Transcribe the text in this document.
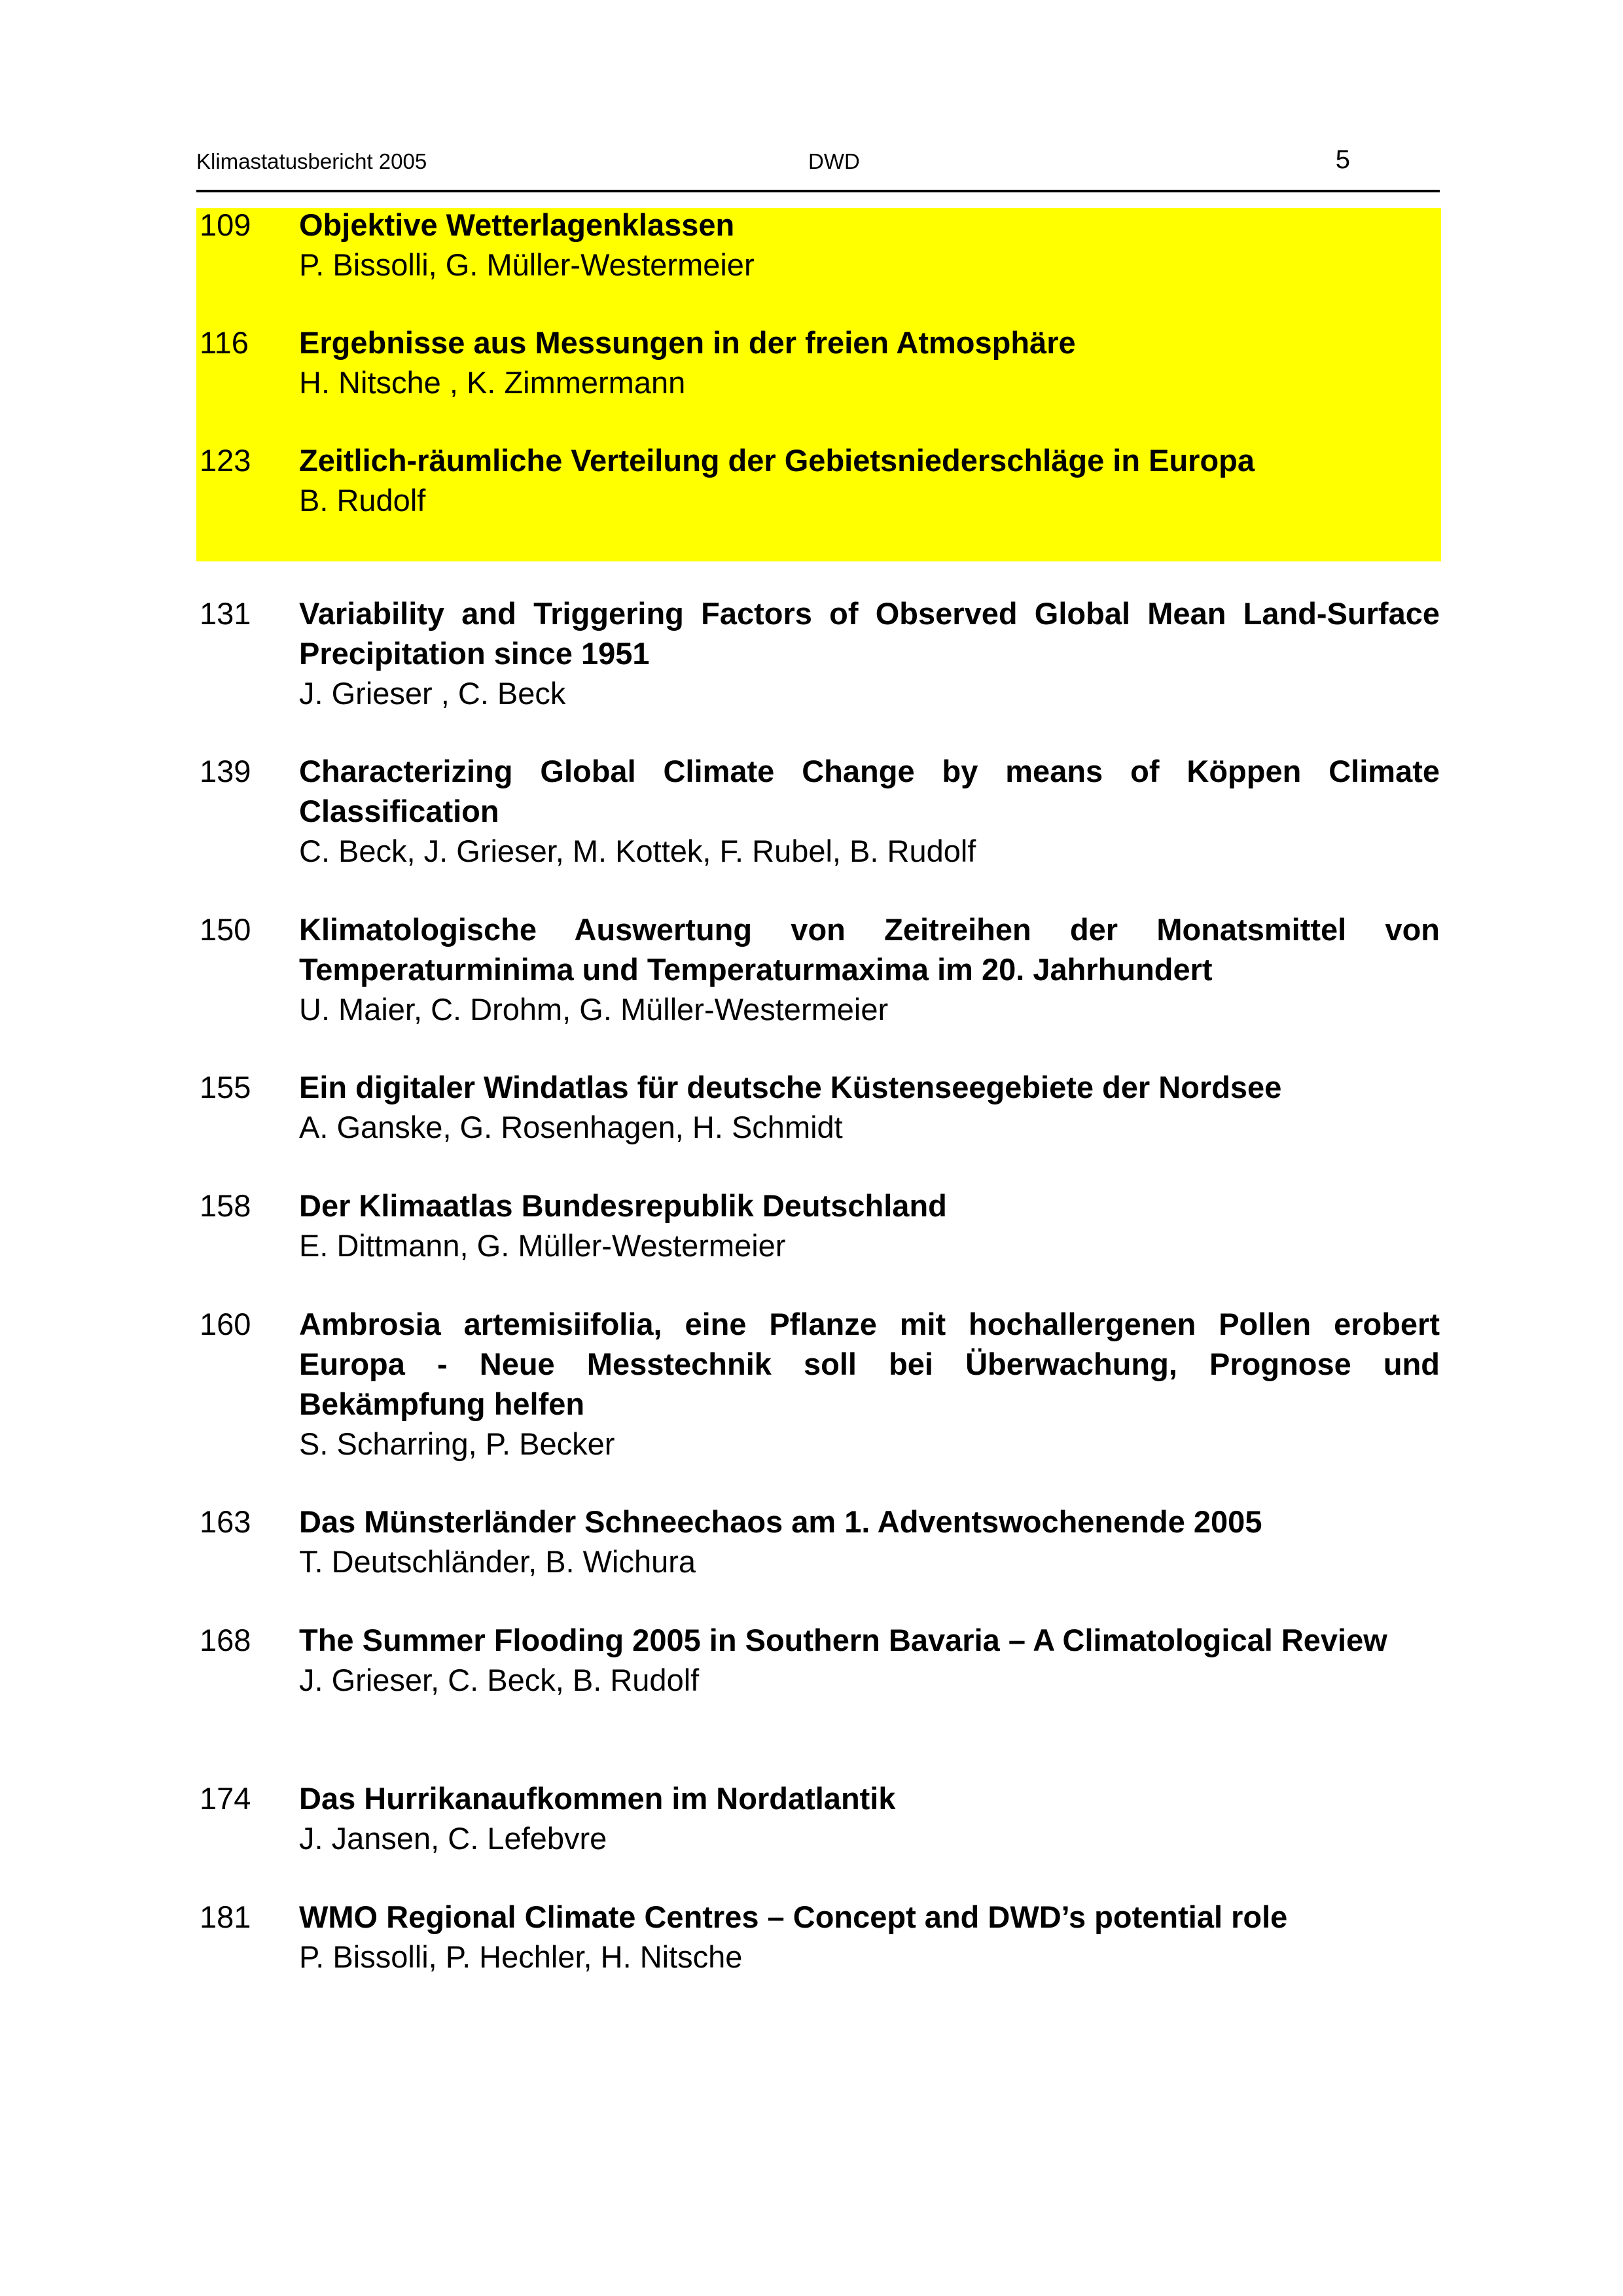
Klimastatusbericht 2005	DWD	5
109 Objektive Wetterlagenklassen
P. Bissolli, G. Müller-Westermeier
116 Ergebnisse aus Messungen in der freien Atmosphäre
H. Nitsche , K. Zimmermann
123 Zeitlich-räumliche Verteilung der Gebietsniederschläge in Europa
B. Rudolf
131 Variability and Triggering Factors of Observed Global Mean Land-Surface Precipitation since 1951
J. Grieser , C. Beck
139 Characterizing Global Climate Change by means of Köppen Climate Classification
C. Beck, J. Grieser, M. Kottek, F. Rubel, B. Rudolf
150 Klimatologische Auswertung von Zeitreihen der Monatsmittel von Temperaturminima und Temperaturmaxima im 20. Jahrhundert
U. Maier, C. Drohm, G. Müller-Westermeier
155 Ein digitaler Windatlas für deutsche Küstenseegebiete der Nordsee
A. Ganske, G. Rosenhagen, H. Schmidt
158 Der Klimaatlas Bundesrepublik Deutschland
E. Dittmann, G. Müller-Westermeier
160 Ambrosia artemisiifolia, eine Pflanze mit hochallergenen Pollen erobert Europa - Neue Messtechnik soll bei Überwachung, Prognose und Bekämpfung helfen
S. Scharring, P. Becker
163 Das Münsterländer Schneechaos am 1. Adventswochenende 2005
T. Deutschländer, B. Wichura
168 The Summer Flooding 2005 in Southern Bavaria – A Climatological Review
J. Grieser, C. Beck, B. Rudolf
174 Das Hurrikanaufkommen im Nordatlantik
J. Jansen, C. Lefebvre
181 WMO Regional Climate Centres – Concept and DWD’s potential role
P. Bissolli, P. Hechler, H. Nitsche
